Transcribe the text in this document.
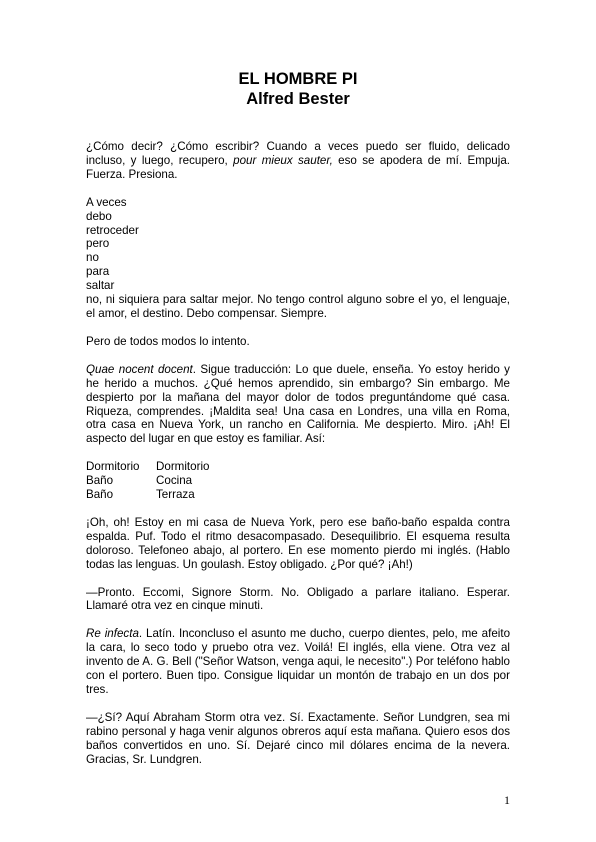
EL HOMBRE PI
Alfred Bester

¿Cómo decir? ¿Cómo escribir? Cuando a veces puedo ser fluido, delicado incluso, y luego, recupero, pour mieux sauter, eso se apodera de mí. Empuja. Fuerza. Presiona.

A veces
debo
retroceder
pero
no
para
saltar

no, ni siquiera para saltar mejor. No tengo control alguno sobre el yo, el lenguaje, el amor, el destino. Debo compensar. Siempre.

Pero de todos modos lo intento.

Quae nocent docent. Sigue traducción: Lo que duele, enseña. Yo estoy herido y he herido a muchos. ¿Qué hemos aprendido, sin embargo? Sin embargo. Me despierto por la mañana del mayor dolor de todos preguntándome qué casa. Riqueza, comprendes. ¡Maldita sea! Una casa en Londres, una villa en Roma, otra casa en Nueva York, un rancho en California. Me despierto. Miro. ¡Ah! El aspecto del lugar en que estoy es familiar. Así:

Dormitorio	Dormitorio
Baño	Cocina
Baño	Terraza

¡Oh, oh! Estoy en mi casa de Nueva York, pero ese baño-baño espalda contra espalda. Puf. Todo el ritmo desacompasado. Desequilibrio. El esquema resulta doloroso. Telefoneo abajo, al portero. En ese momento pierdo mi inglés. (Hablo todas las lenguas. Un goulash. Estoy obligado. ¿Por qué? ¡Ah!)

—Pronto. Eccomi, Signore Storm. No. Obligado a parlare italiano. Esperar. Llamaré otra vez en cinque minuti.

Re infecta. Latín. Inconcluso el asunto me ducho, cuerpo dientes, pelo, me afeito la cara, lo seco todo y pruebo otra vez. Voilá! El inglés, ella viene. Otra vez al invento de A. G. Bell ("Señor Watson, venga aqui, le necesito".) Por teléfono hablo con el portero. Buen tipo. Consigue liquidar un montón de trabajo en un dos por tres.

—¿Sí? Aquí Abraham Storm otra vez. Sí. Exactamente. Señor Lundgren, sea mi rabino personal y haga venir algunos obreros aquí esta mañana. Quiero esos dos baños convertidos en uno. Sí. Dejaré cinco mil dólares encima de la nevera. Gracias, Sr. Lundgren.

1
